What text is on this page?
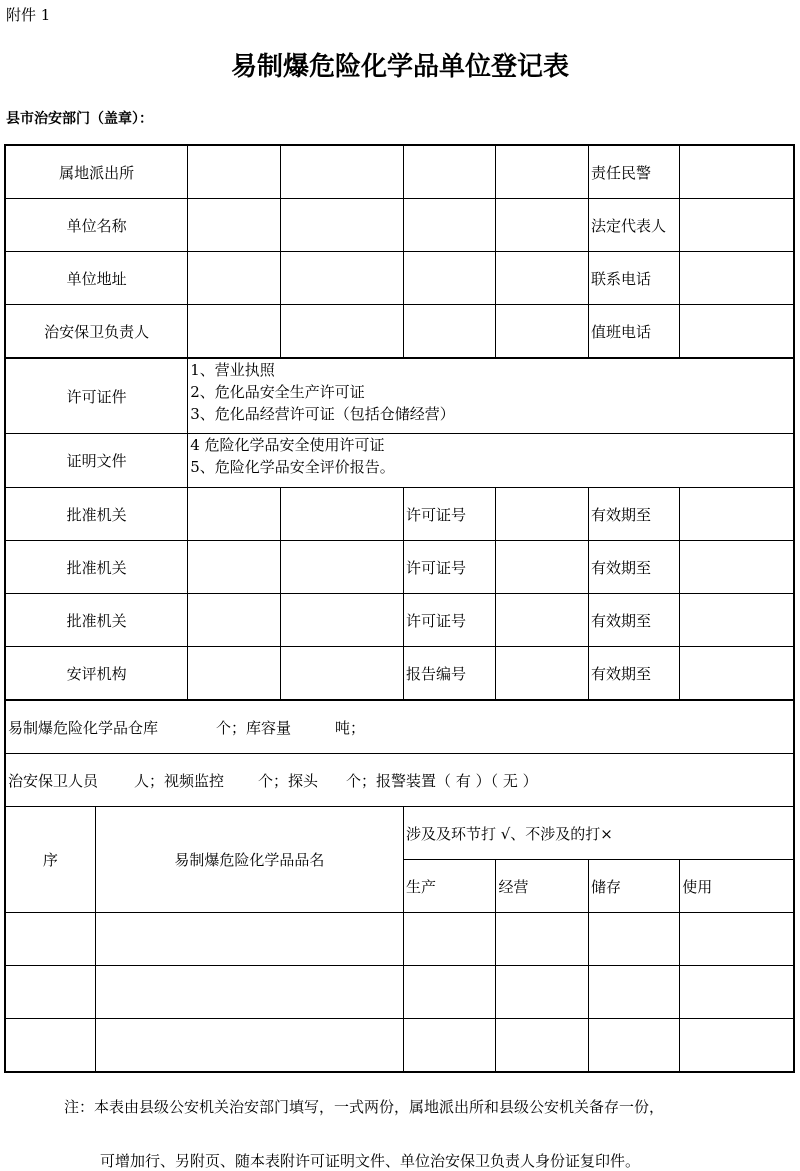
附件 1
易制爆危险化学品单位登记表
县市治安部门（盖章）：
属地派出所						责任民警	
单位名称						法定代表人	
单位地址						联系电话	
治安保卫负责人						值班电话	
许可证件		1、营业执照
2、危化品安全生产许可证
3、危化品经营许可证（包括仓储经营）					

证明文件		4 危险化学品安全使用许可证
5、危险化学品安全评价报告。					

批准机关				许可证号		有效期至	
批准机关				许可证号		有效期至	
批准机关				许可证号		有效期至	
安评机构				报告编号		有效期至	
易制爆危险化学品仓库 个；库容量 吨；							
治安保卫人员 人；视频监控 个；探头 个；报警装置（ 有 ）（ 无 ）							
序	易制爆危险化学品品名			涉及及环节打 √、不涉及的打×			
				生产	经营	储存	使用

注：本表由县级公安机关治安部门填写，一式两份，属地派出所和县级公安机关备存一份，
可增加行、另附页、随本表附许可证明文件、单位治安保卫负责人身份证复印件。
